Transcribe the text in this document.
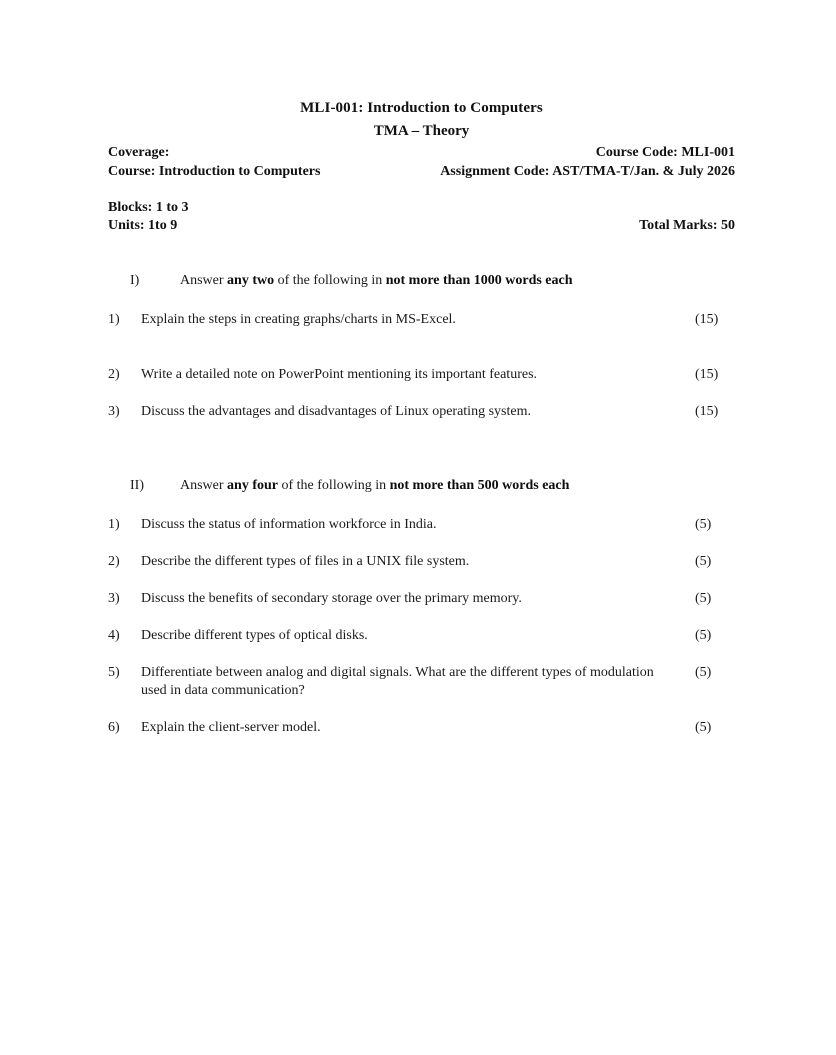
MLI-001: Introduction to Computers
TMA – Theory
Coverage:	Course Code: MLI-001
Course: Introduction to Computers	Assignment Code: AST/TMA-T/Jan. & July 2026
Blocks: 1 to 3
Units: 1to 9	Total Marks: 50
I)	Answer any two of the following in not more than 1000 words each
1)	Explain the steps in creating graphs/charts in MS-Excel.	(15)
2)	Write a detailed note on PowerPoint mentioning its important features.	(15)
3)	Discuss the advantages and disadvantages of Linux operating system.	(15)
II)	Answer any four of the following in not more than 500 words each
1)	Discuss the status of information workforce in India.	(5)
2)	Describe the different types of files in a UNIX file system.	(5)
3)	Discuss the benefits of secondary storage over the primary memory.	(5)
4)	Describe different types of optical disks.	(5)
5)	Differentiate between analog and digital signals. What are the different types of modulation used in data communication?
(5)
6)	Explain the client-server model.	(5)
